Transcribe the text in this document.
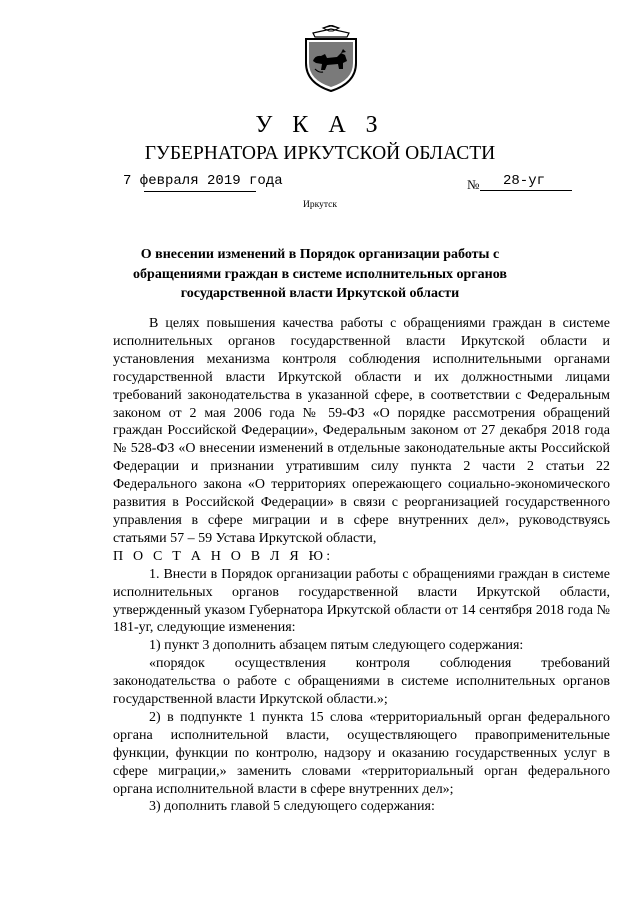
У К А З
ГУБЕРНАТОРА ИРКУТСКОЙ ОБЛАСТИ
7 февраля 2019 года	№ 28-уг
Иркутск
О внесении изменений в Порядок организации работы с обращениями граждан в системе исполнительных органов государственной власти Иркутской области

В целях повышения качества работы с обращениями граждан в системе исполнительных органов государственной власти Иркутской области и установления механизма контроля соблюдения исполнительными органами государственной власти Иркутской области и их должностными лицами требований законодательства в указанной сфере, в соответствии с Федеральным законом от 2 мая 2006 года № 59-ФЗ «О порядке рассмотрения обращений граждан Российской Федерации», Федеральным законом от 27 декабря 2018 года № 528-ФЗ «О внесении изменений в отдельные законодательные акты Российской Федерации и признании утратившим силу пункта 2 части 2 статьи 22 Федерального закона «О территориях опережающего социально-экономического развития в Российской Федерации» в связи с реорганизацией государственного управления в сфере миграции и в сфере внутренних дел», руководствуясь статьями 57 – 59 Устава Иркутской области,

П О С Т А Н О В Л Я Ю:

1. Внести в Порядок организации работы с обращениями граждан в системе исполнительных органов государственной власти Иркутской области, утвержденный указом Губернатора Иркутской области от 14 сентября 2018 года № 181-уг, следующие изменения:

1) пункт 3 дополнить абзацем пятым следующего содержания:

«порядок осуществления контроля соблюдения требований законодательства о работе с обращениями в системе исполнительных органов государственной власти Иркутской области.»;

2) в подпункте 1 пункта 15 слова «территориальный орган федерального органа исполнительной власти, осуществляющего правоприменительные функции, функции по контролю, надзору и оказанию государственных услуг в сфере миграции,» заменить словами «территориальный орган федерального органа исполнительной власти в сфере внутренних дел»;

3) дополнить главой 5 следующего содержания:
